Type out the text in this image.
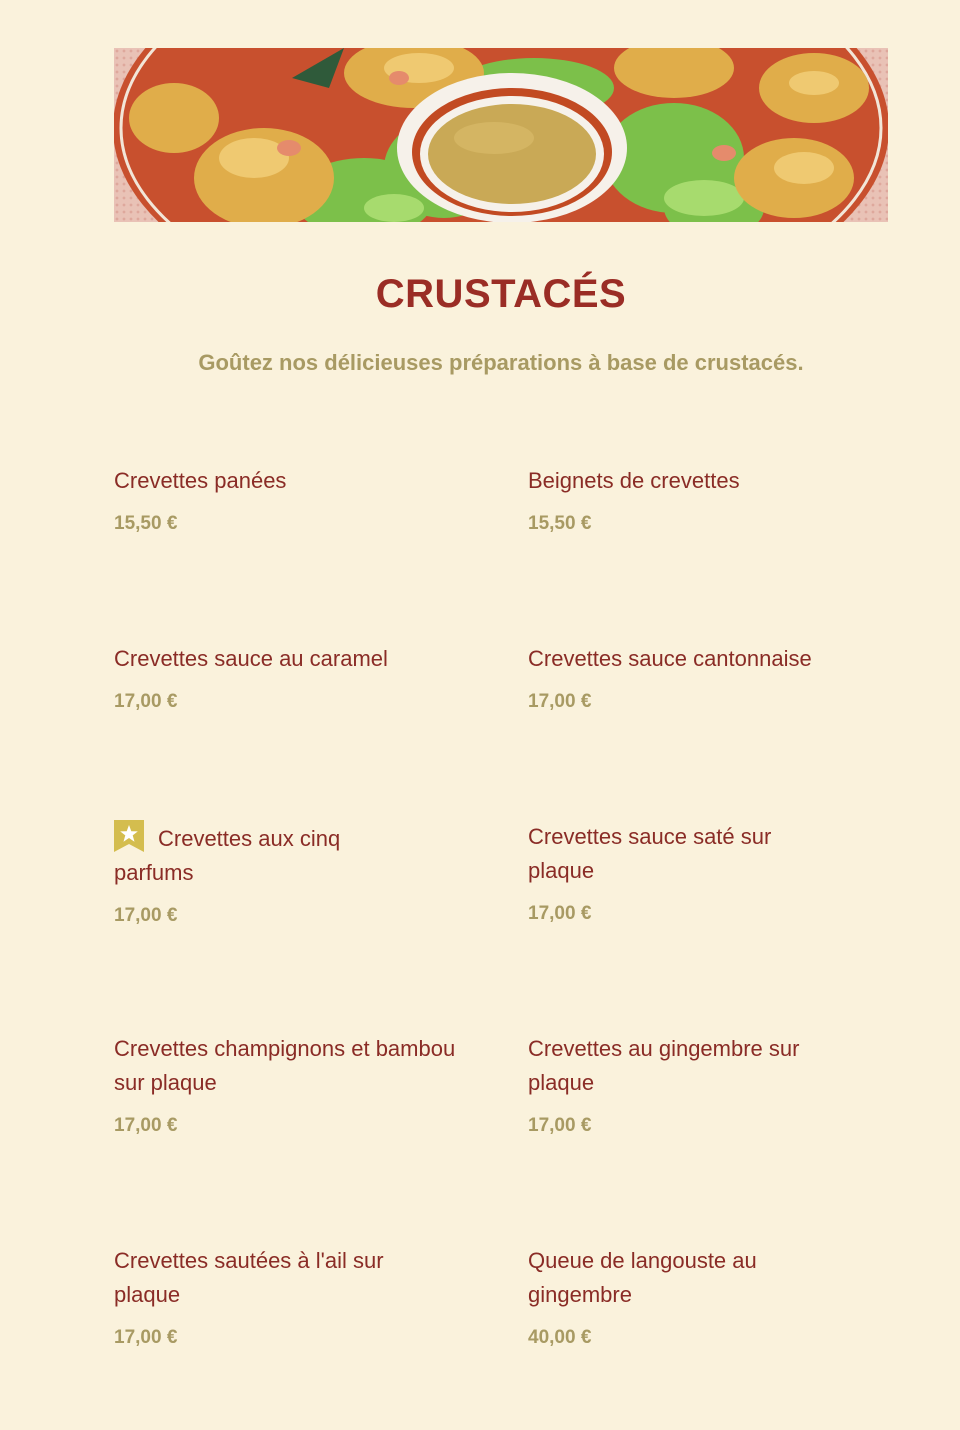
CRUSTACÉS

Goûtez nos délicieuses préparations à base de crustacés.

Crevettes panées

15,50 €

Beignets de crevettes

15,50 €

Crevettes sauce au caramel

17,00 €

Crevettes sauce cantonnaise

17,00 €

Crevettes aux cinq parfums

17,00 €

Crevettes sauce saté sur plaque

17,00 €

Crevettes champignons et bambou sur plaque

17,00 €

Crevettes au gingembre sur plaque

17,00 €

Crevettes sautées à l'ail sur plaque

17,00 €

Queue de langouste au gingembre

40,00 €
